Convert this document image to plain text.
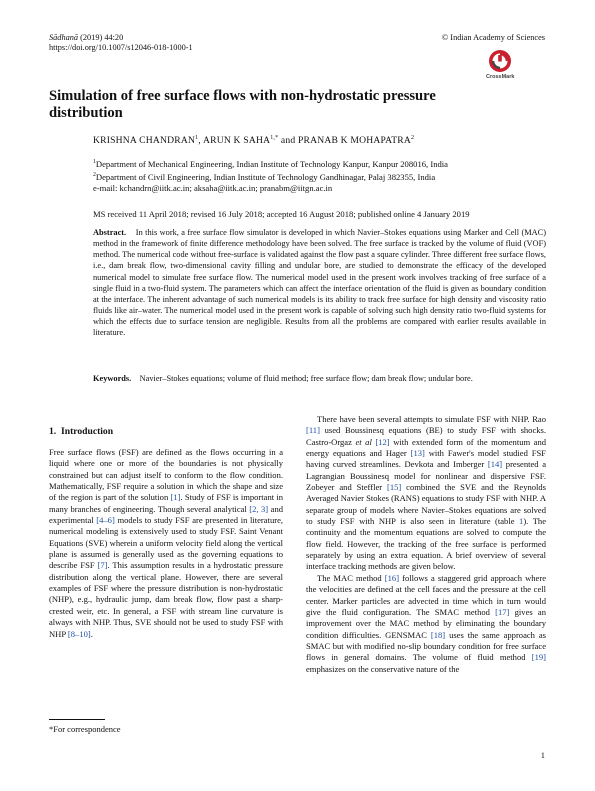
Sādhanā (2019) 44:20
https://doi.org/10.1007/s12046-018-1000-1
© Indian Academy of Sciences
CrossMark
Simulation of free surface flows with non-hydrostatic pressure
distribution
KRISHNA CHANDRAN$^1$, ARUN K $SAHA^{1,*}$ and PRANAB K MOHAPATRA$^2$
$^1$Department of Mechanical Engineering, Indian Institute of Technology Kanpur, Kanpur 208016, India
$^2$Department of Civil Engineering, Indian Institute of Technology Gandhinagar, Palaj 382355, India
e-mail: kchandrn@iitk.ac.in; aksaha@iitk.ac.in; pranabm@iitgn.ac.in
MS received 11 April 2018; revised 16 July 2018; accepted 16 August 2018; published online 4 January 2019
Abstract. In this work, a free surface flow simulator is developed in which Navier–Stokes equations using Marker and Cell (MAC) method in the framework of finite difference methodology have been solved. The free surface is tracked by the volume of fluid (VOF) method. The numerical code without free-surface is validated against the flow past a square cylinder. Three different free surface flows, i.e., dam break flow, two-dimensional cavity filling and undular bore, are studied to demonstrate the efficacy of the developed numerical model to simulate free surface flow. The numerical model used in the present work involves tracking of free surface of a single fluid in a two-fluid system. The parameters which can affect the interface orientation of the fluid is given as boundary condition at the interface. The inherent advantage of such numerical models is its ability to track free surface for high density and viscosity ratio fluids like air–water. The numerical model used in the present work is capable of solving such high density ratio two-fluid systems for which the effects due to surface tension are negligible. Results from all the problems are compared with earlier results available in literature.
Keywords. Navier–Stokes equations; volume of fluid method; free surface flow; dam break flow; undular bore.
1. Introduction

Free surface flows (FSF) are defined as the flows occurring in a liquid where one or more of the boundaries is not physically constrained but can adjust itself to conform to the flow condition. Mathematically, FSF require a solution in which the shape and size of the region is part of the solution [1]. Study of FSF is important in many branches of engineering. Though several analytical [2, 3] and experimental [4–6] models to study FSF are presented in literature, numerical modeling is extensively used to study FSF. Saint Venant Equations (SVE) wherein a uniform velocity field along the vertical plane is assumed is generally used as the governing equations to describe FSF [7]. This assumption results in a hydrostatic pressure distribution along the vertical plane. However, there are several examples of FSF where the pressure distribution is non-hydrostatic (NHP), e.g., hydraulic jump, dam break flow, flow past a sharp-crested weir, etc. In general, a FSF with stream line curvature is always with NHP. Thus, SVE should not be used to study FSF with NHP [8–10].

There have been several attempts to simulate FSF with NHP. Rao [11] used Boussinesq equations (BE) to study FSF with shocks. Castro-Orgaz et al [12] with extended form of the momentum and energy equations and Hager [13] with Fawer's model studied FSF having curved streamlines. Devkota and Imberger [14] presented a Lagrangian Boussinesq model for nonlinear and dispersive FSF. Zobeyer and Steffler [15] combined the SVE and the Reynolds Averaged Navier Stokes (RANS) equations to study FSF with NHP. A separate group of models where Navier–Stokes equations are solved to study FSF with NHP is also seen in literature (table 1). The continuity and the momentum equations are solved to compute the flow field. However, the tracking of the free surface is performed separately by using an extra equation. A brief overview of several interface tracking methods are given below.

The MAC method [16] follows a staggered grid approach where the velocities are defined at the cell faces and the pressure at the cell center. Marker particles are advected in time which in turn would give the fluid configuration. The SMAC method [17] gives an improvement over the MAC method by eliminating the boundary condition difficulties. GENSMAC [18] uses the same approach as SMAC but with modified no-slip boundary condition for free surface flows in general domains. The volume of fluid method [19] emphasizes on the conservative nature of the

*For correspondence
1
